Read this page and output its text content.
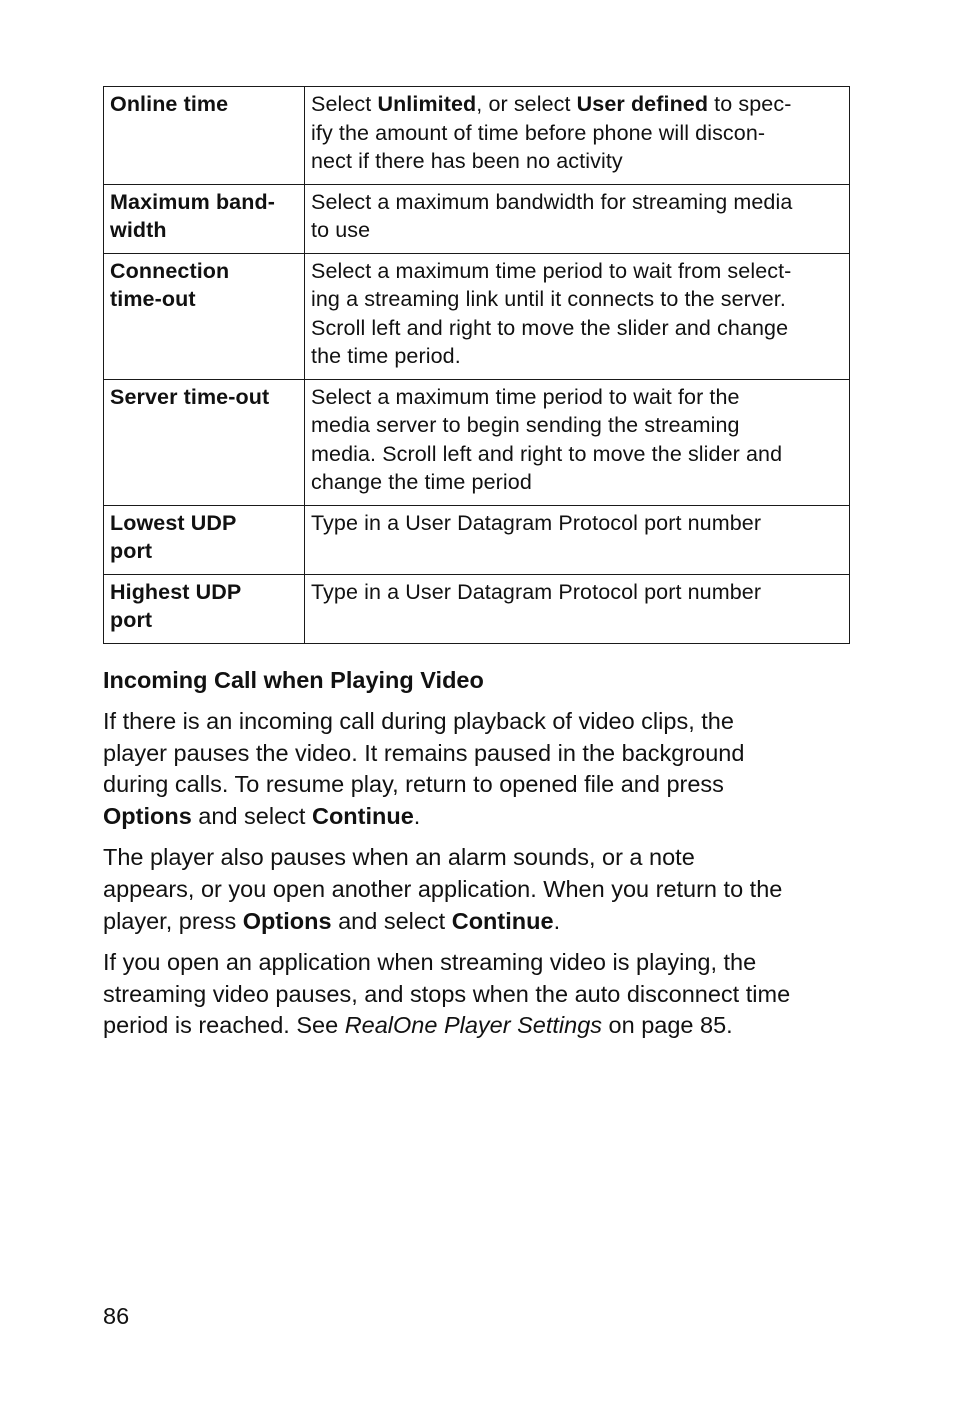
Online time	Select Unlimited, or select User defined to spec-
ify the amount of time before phone will discon-
nect if there has been no activity
Maximum band-
width	Select a maximum bandwidth for streaming media
to use
Connection
time-out	Select a maximum time period to wait from select-
ing a streaming link until it connects to the server.
Scroll left and right to move the slider and change
the time period.
Server time-out	Select a maximum time period to wait for the
media server to begin sending the streaming
media. Scroll left and right to move the slider and
change the time period
Lowest UDP
port	Type in a User Datagram Protocol port number
Highest UDP
port	Type in a User Datagram Protocol port number
Incoming Call when Playing Video

If there is an incoming call during playback of video clips, the
player pauses the video. It remains paused in the background
during calls. To resume play, return to opened file and press
Options and select Continue.

The player also pauses when an alarm sounds, or a note
appears, or you open another application. When you return to the
player, press Options and select Continue.

If you open an application when streaming video is playing, the
streaming video pauses, and stops when the auto disconnect time
period is reached. See RealOne Player Settings on page 85.

86
